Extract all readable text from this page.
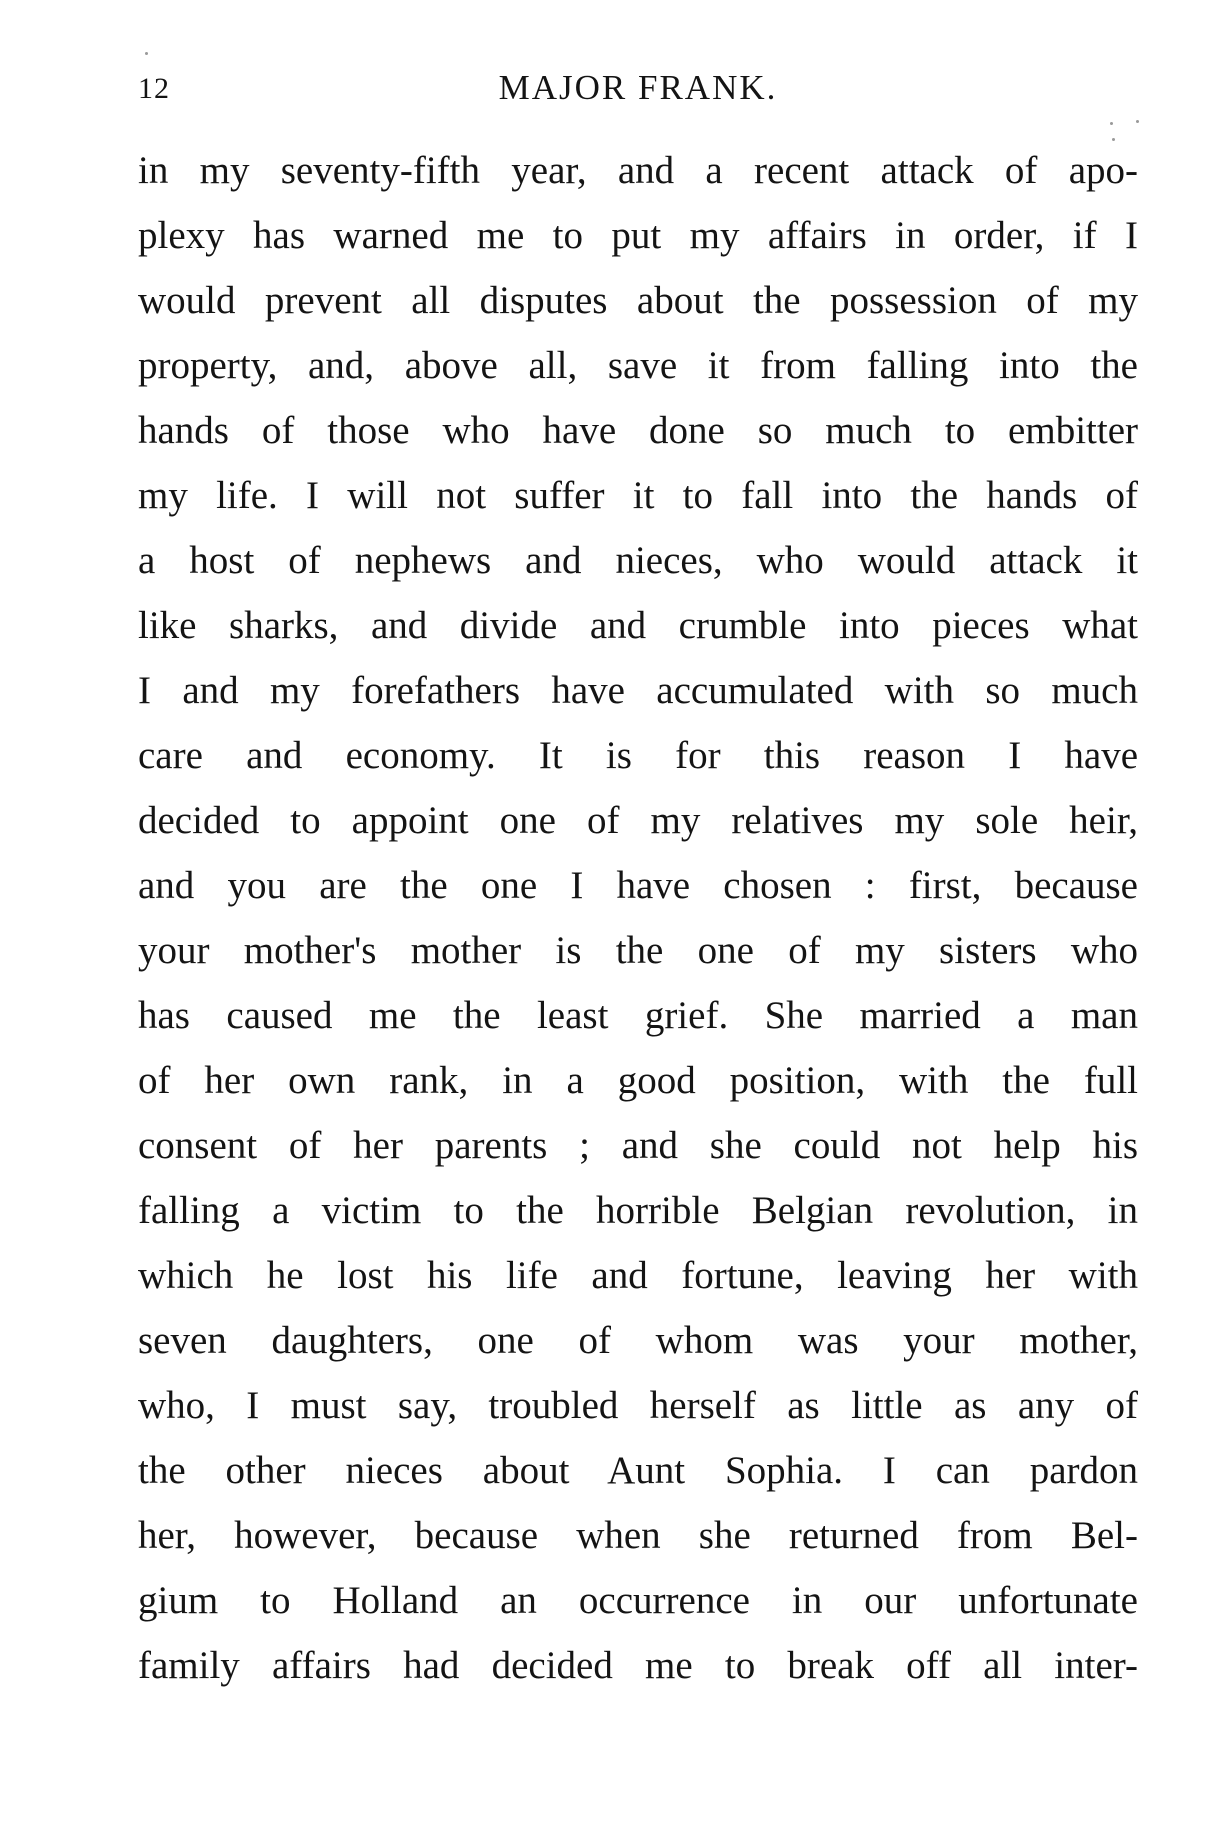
12	MAJOR FRANK.
in my seventy-fifth year, and a recent attack of apo-
plexy has warned me to put my affairs in order, if I
would prevent all disputes about the possession of my
property, and, above all, save it from falling into the
hands of those who have done so much to embitter
my life. I will not suffer it to fall into the hands of
a host of nephews and nieces, who would attack it
like sharks, and divide and crumble into pieces what
I and my forefathers have accumulated with so much
care and economy. It is for this reason I have
decided to appoint one of my relatives my sole heir,
and you are the one I have chosen : first, because
your mother's mother is the one of my sisters who
has caused me the least grief. She married a man
of her own rank, in a good position, with the full
consent of her parents ; and she could not help his
falling a victim to the horrible Belgian revolution, in
which he lost his life and fortune, leaving her with
seven daughters, one of whom was your mother,
who, I must say, troubled herself as little as any of
the other nieces about Aunt Sophia. I can pardon
her, however, because when she returned from Bel-
gium to Holland an occurrence in our unfortunate
family affairs had decided me to break off all inter-
